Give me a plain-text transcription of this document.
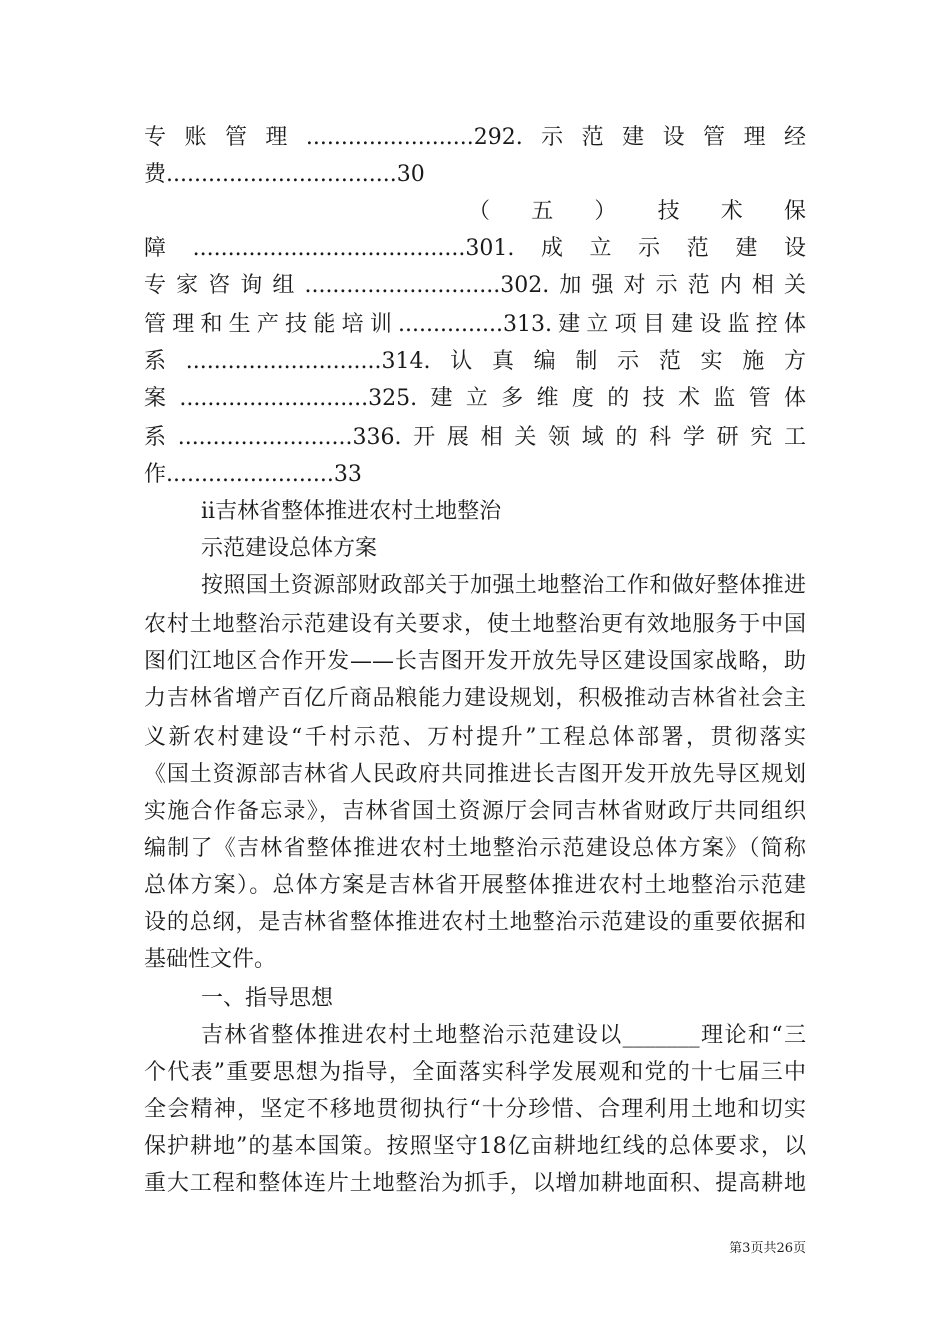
专账管理........................292.示范建设管理经
费.................................30
（五）技术保
障.......................................301.成立示范建设
专家咨询组............................302.加强对示范内相关
管理和生产技能培训...............313.建立项目建设监控体
系............................314.认真编制示范实施方
案...........................325.建立多维度的技术监管体
系.........................336.开展相关领域的科学研究工
作........................33
ii吉林省整体推进农村土地整治
示范建设总体方案
按照国土资源部财政部关于加强土地整治工作和做好整体推进
农村土地整治示范建设有关要求，使土地整治更有效地服务于中国
图们江地区合作开发——长吉图开发开放先导区建设国家战略，助
力吉林省增产百亿斤商品粮能力建设规划，积极推动吉林省社会主
义新农村建设“千村示范、万村提升”工程总体部署，贯彻落实
《国土资源部吉林省人民政府共同推进长吉图开发开放先导区规划
实施合作备忘录》，吉林省国土资源厅会同吉林省财政厅共同组织
编制了《吉林省整体推进农村土地整治示范建设总体方案》（简称
总体方案）。总体方案是吉林省开展整体推进农村土地整治示范建
设的总纲，是吉林省整体推进农村土地整治示范建设的重要依据和
基础性文件。
一、指导思想
吉林省整体推进农村土地整治示范建设以_______理论和“三
个代表”重要思想为指导，全面落实科学发展观和党的十七届三中
全会精神，坚定不移地贯彻执行“十分珍惜、合理利用土地和切实
保护耕地”的基本国策。按照坚守18亿亩耕地红线的总体要求，以
重大工程和整体连片土地整治为抓手，以增加耕地面积、提高耕地
第3页共26页
